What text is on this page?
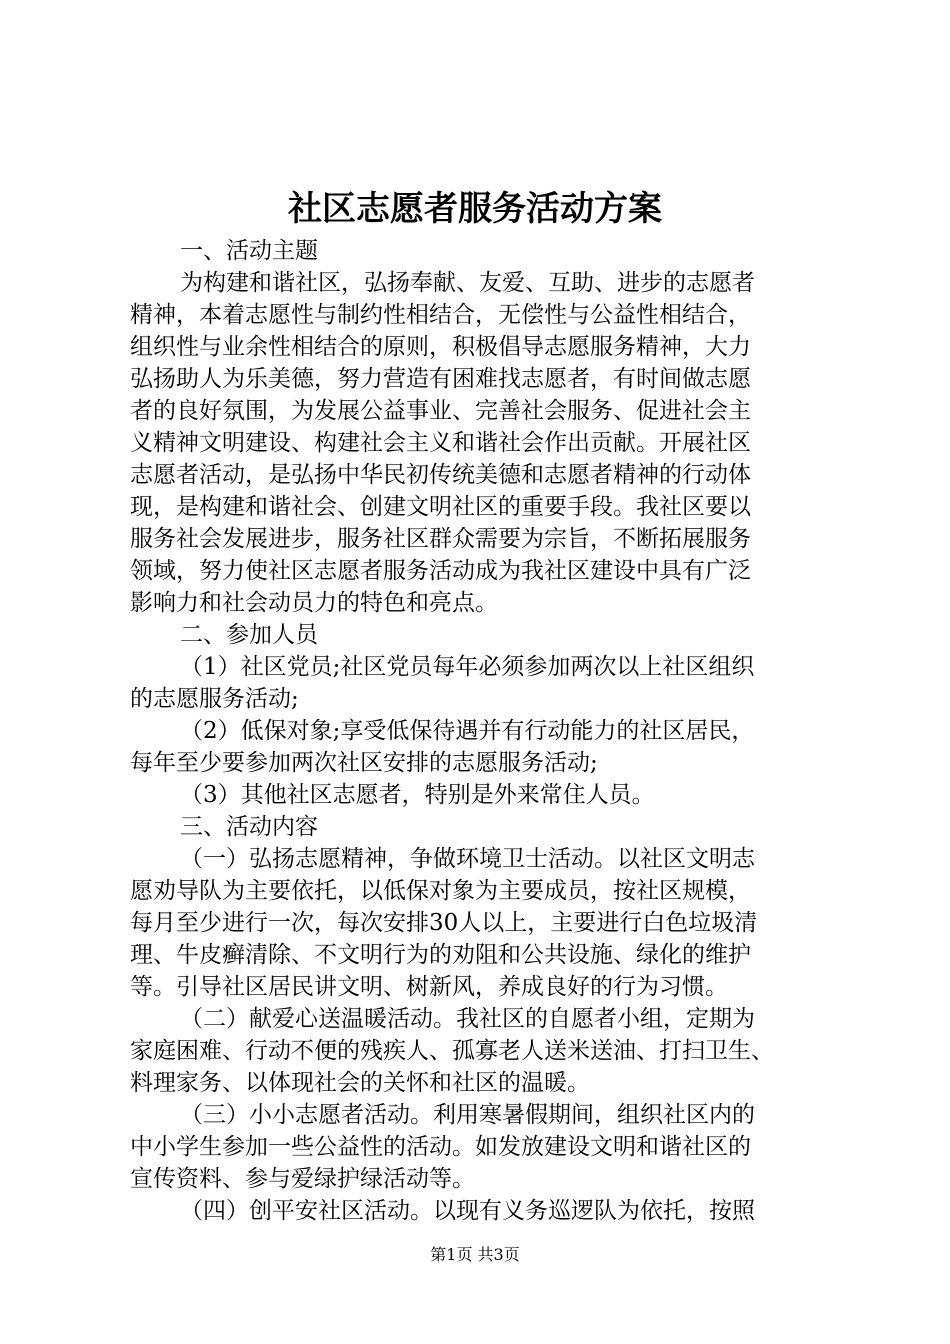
社区志愿者服务活动方案
一、活动主题
为构建和谐社区，弘扬奉献、友爱、互助、进步的志愿者
精神，本着志愿性与制约性相结合，无偿性与公益性相结合，
组织性与业余性相结合的原则，积极倡导志愿服务精神，大力
弘扬助人为乐美德，努力营造有困难找志愿者，有时间做志愿
者的良好氛围，为发展公益事业、完善社会服务、促进社会主
义精神文明建设、构建社会主义和谐社会作出贡献。开展社区
志愿者活动，是弘扬中华民初传统美德和志愿者精神的行动体
现，是构建和谐社会、创建文明社区的重要手段。我社区要以
服务社会发展进步，服务社区群众需要为宗旨，不断拓展服务
领域，努力使社区志愿者服务活动成为我社区建设中具有广泛
影响力和社会动员力的特色和亮点。
二、参加人员
（1）社区党员;社区党员每年必须参加两次以上社区组织
的志愿服务活动;
（2）低保对象;享受低保待遇并有行动能力的社区居民，
每年至少要参加两次社区安排的志愿服务活动;
（3）其他社区志愿者，特别是外来常住人员。
三、活动内容
（一）弘扬志愿精神，争做环境卫士活动。以社区文明志
愿劝导队为主要依托，以低保对象为主要成员，按社区规模，
每月至少进行一次，每次安排30人以上，主要进行白色垃圾清
理、牛皮癣清除、不文明行为的劝阻和公共设施、绿化的维护
等。引导社区居民讲文明、树新风，养成良好的行为习惯。
（二）献爱心送温暖活动。我社区的自愿者小组，定期为
家庭困难、行动不便的残疾人、孤寡老人送米送油、打扫卫生、
料理家务、以体现社会的关怀和社区的温暖。
（三）小小志愿者活动。利用寒暑假期间，组织社区内的
中小学生参加一些公益性的活动。如发放建设文明和谐社区的
宣传资料、参与爱绿护绿活动等。
（四）创平安社区活动。以现有义务巡逻队为依托，按照
第1页 共3页
